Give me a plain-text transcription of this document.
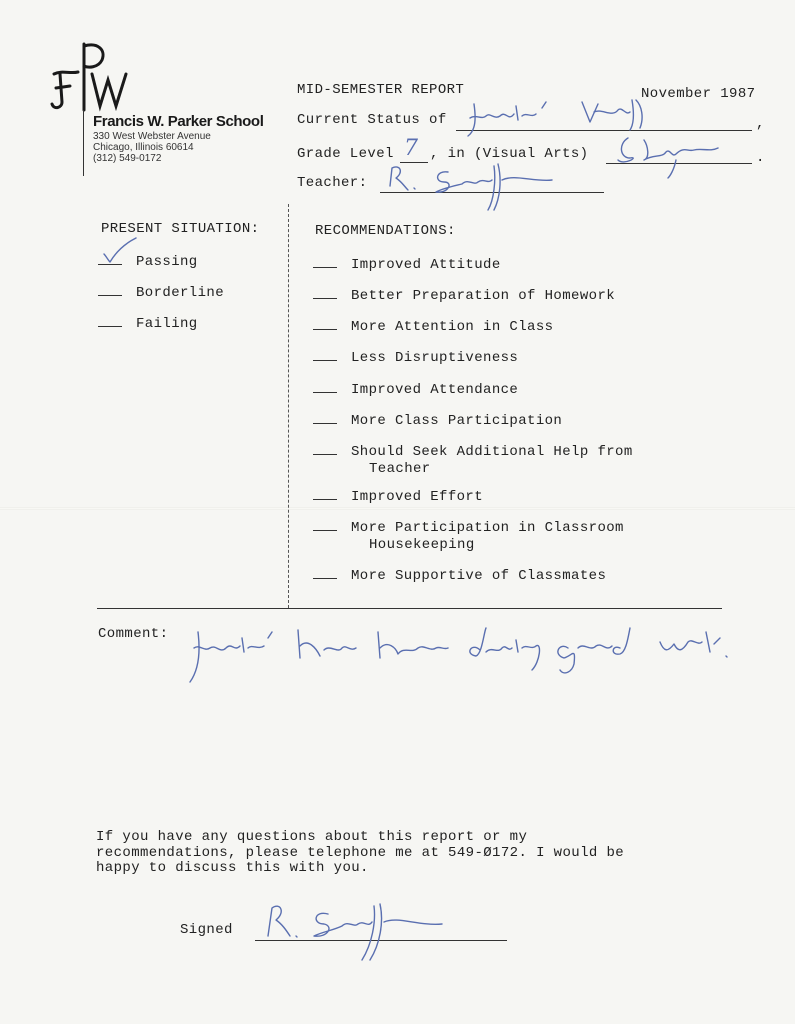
Francis W. Parker School
330 West Webster Avenue
Chicago, Illinois 60614
(312) 549-0172
MID-SEMESTER REPORT	November 1987
Current Status of	,
Grade Level 7 , in (Visual Arts)	.
Teacher:
PRESENT SITUATION:
Passing
Borderline
Failing
RECOMMENDATIONS:
Improved Attitude
Better Preparation of Homework
More Attention in Class
Less Disruptiveness
Improved Attendance
More Class Participation
Should Seek Additional Help from
Teacher
Improved Effort
More Participation in Classroom
Housekeeping
More Supportive of Classmates
Comment:
If you have any questions about this report or my
recommendations, please telephone me at 549-Ø172. I would be
happy to discuss this with you.
Signed
